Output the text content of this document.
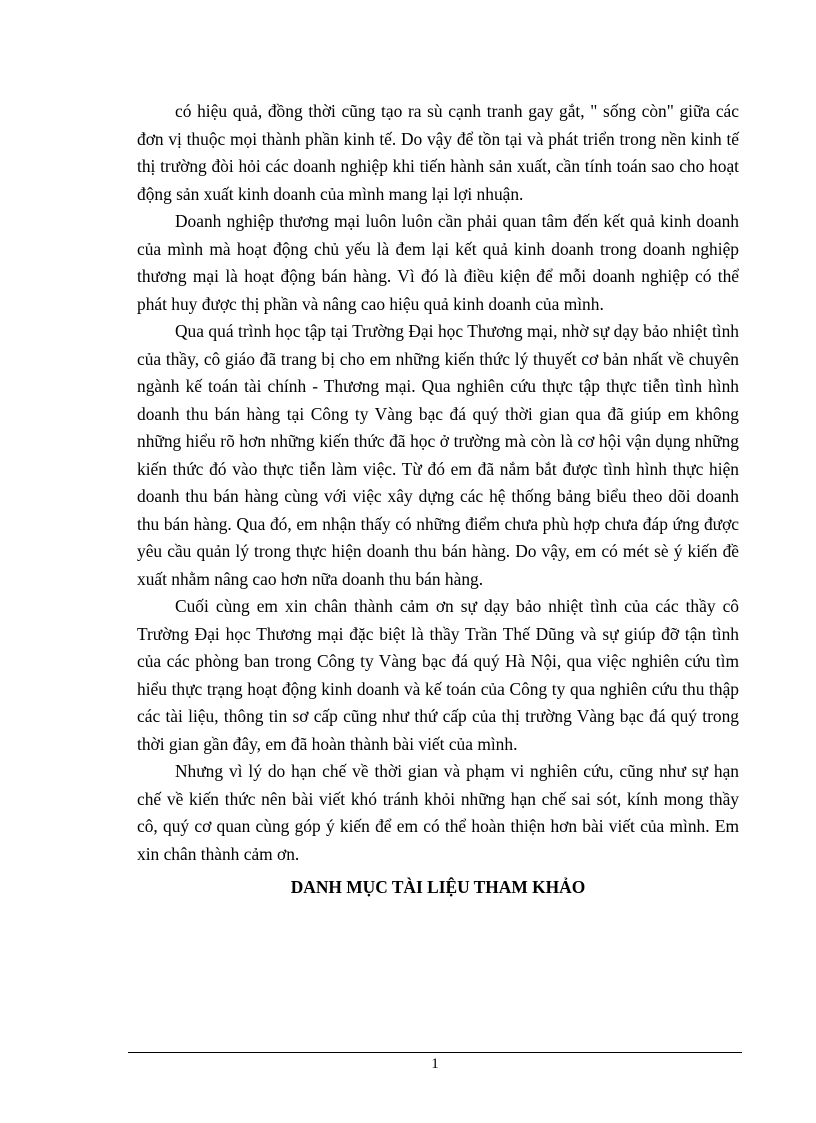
có hiệu quả, đồng thời cũng tạo ra sù cạnh tranh gay gắt, " sống còn" giữa các đơn vị thuộc mọi thành phần kinh tế. Do vậy để tồn tại và phát triển trong nền kinh tế thị trường đòi hỏi các doanh nghiệp khi tiến hành sản xuất, cần tính toán sao cho hoạt động sản xuất kinh doanh của mình mang lại lợi nhuận.

Doanh nghiệp thương mại luôn luôn cần phải quan tâm đến kết quả kinh doanh của mình mà hoạt động chủ yếu là đem lại kết quả kinh doanh trong doanh nghiệp thương mại là hoạt động bán hàng. Vì đó là điều kiện để mỗi doanh nghiệp có thể phát huy được thị phần và nâng cao hiệu quả kinh doanh của mình.

Qua quá trình học tập tại Trường Đại học Thương mại, nhờ sự dạy bảo nhiệt tình của thầy, cô giáo đã trang bị cho em những kiến thức lý thuyết cơ bản nhất về chuyên ngành kế toán tài chính - Thương mại. Qua nghiên cứu thực tập thực tiễn tình hình doanh thu bán hàng tại Công ty Vàng bạc đá quý thời gian qua đã giúp em không những hiểu rõ hơn những kiến thức đã học ở trường mà còn là cơ hội vận dụng những kiến thức đó vào thực tiễn làm việc. Từ đó em đã nắm bắt được tình hình thực hiện doanh thu bán hàng cùng với việc xây dựng các hệ thống bảng biểu theo dõi doanh thu bán hàng. Qua đó, em nhận thấy có những điểm chưa phù hợp chưa đáp ứng được yêu cầu quản lý trong thực hiện doanh thu bán hàng. Do vậy, em có mét sè ý kiến đề xuất nhằm nâng cao hơn nữa doanh thu bán hàng.

Cuối cùng em xin chân thành cảm ơn sự dạy bảo nhiệt tình của các thầy cô Trường Đại học Thương mại đặc biệt là thầy Trần Thế Dũng và sự giúp đỡ tận tình của các phòng ban trong Công ty Vàng bạc đá quý Hà Nội, qua việc nghiên cứu tìm hiểu thực trạng hoạt động kinh doanh và kế toán của Công ty qua nghiên cứu thu thập các tài liệu, thông tin sơ cấp cũng như thứ cấp của thị trường Vàng bạc đá quý trong thời gian gần đây, em đã hoàn thành bài viết của mình.

Nhưng vì lý do hạn chế về thời gian và phạm vi nghiên cứu, cũng như sự hạn chế về kiến thức nên bài viết khó tránh khỏi những hạn chế sai sót, kính mong thầy cô, quý cơ quan cùng góp ý kiến để em có thể hoàn thiện hơn bài viết của mình. Em xin chân thành cảm ơn.

DANH MỤC TÀI LIỆU THAM KHẢO
1
